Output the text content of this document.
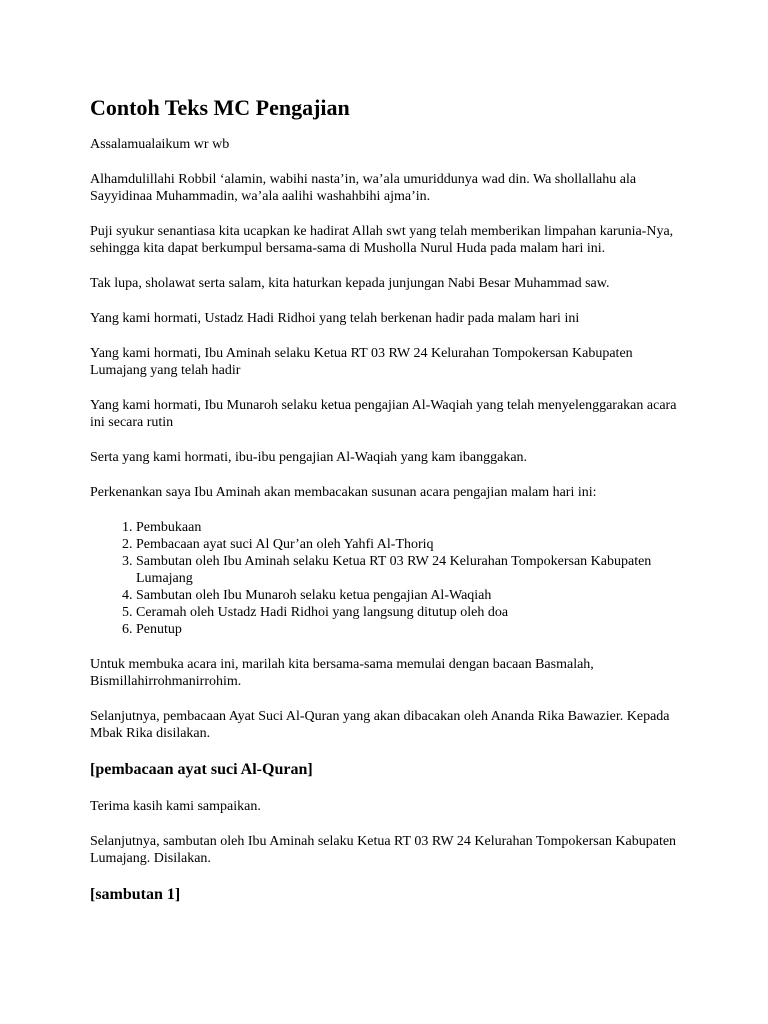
Contoh Teks MC Pengajian

Assalamualaikum wr wb

Alhamdulillahi Robbil ‘alamin, wabihi nasta’in, wa’ala umuriddunya wad din. Wa shollallahu ala Sayyidinaa Muhammadin, wa’ala aalihi washahbihi ajma’in.

Puji syukur senantiasa kita ucapkan ke hadirat Allah swt yang telah memberikan limpahan karunia-Nya, sehingga kita dapat berkumpul bersama-sama di Musholla Nurul Huda pada malam hari ini.

Tak lupa, sholawat serta salam, kita haturkan kepada junjungan Nabi Besar Muhammad saw.

Yang kami hormati, Ustadz Hadi Ridhoi yang telah berkenan hadir pada malam hari ini

Yang kami hormati, Ibu Aminah selaku Ketua RT 03 RW 24 Kelurahan Tompokersan Kabupaten Lumajang yang telah hadir

Yang kami hormati, Ibu Munaroh selaku ketua pengajian Al-Waqiah yang telah menyelenggarakan acara ini secara rutin

Serta yang kami hormati, ibu-ibu pengajian Al-Waqiah yang kam ibanggakan.

Perkenankan saya Ibu Aminah akan membacakan susunan acara pengajian malam hari ini:

1. Pembukaan
2. Pembacaan ayat suci Al Qur’an oleh Yahfi Al-Thoriq
3. Sambutan oleh Ibu Aminah selaku Ketua RT 03 RW 24 Kelurahan Tompokersan Kabupaten Lumajang
4. Sambutan oleh Ibu Munaroh selaku ketua pengajian Al-Waqiah
5. Ceramah oleh Ustadz Hadi Ridhoi yang langsung ditutup oleh doa
6. Penutup

Untuk membuka acara ini, marilah kita bersama-sama memulai dengan bacaan Basmalah, Bismillahirrohmanirrohim.

Selanjutnya, pembacaan Ayat Suci Al-Quran yang akan dibacakan oleh Ananda Rika Bawazier. Kepada Mbak Rika disilakan.

[pembacaan ayat suci Al-Quran]

Terima kasih kami sampaikan.

Selanjutnya, sambutan oleh Ibu Aminah selaku Ketua RT 03 RW 24 Kelurahan Tompokersan Kabupaten Lumajang. Disilakan.

[sambutan 1]
